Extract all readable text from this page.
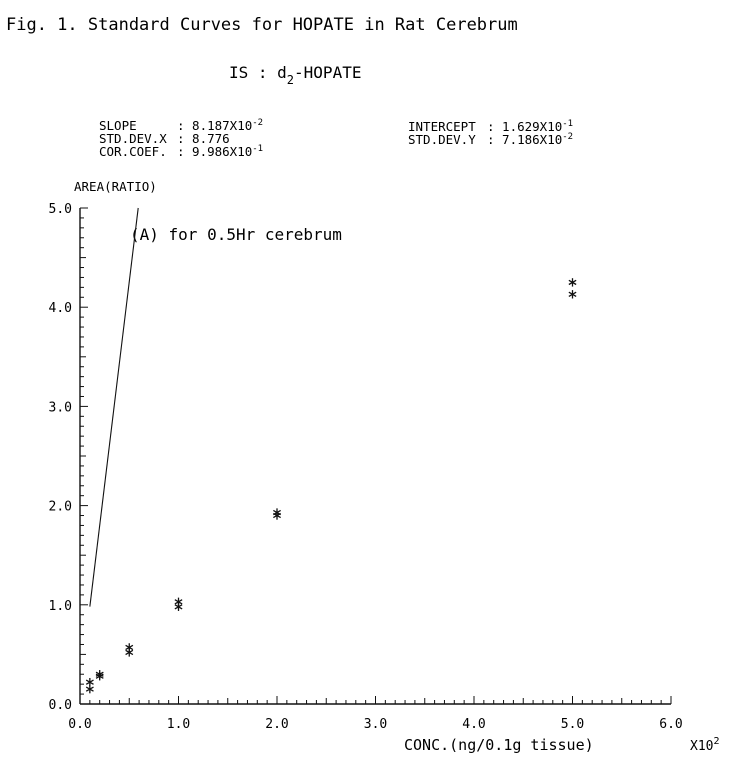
Fig. 1. Standard Curves for HOPATE in Rat Cerebrum
IS : $d_2$-HOPATE
SLOPE	: $8.187X10^{-2}$
STD.DEV.X : 8.776
COR.COEF. : $9.986X10^{-1}$
INTERCEPT : $1.629X10^{-1}$
STD.DEV.Y : $7.186X10^{-2}$
AREA(RATIO)
0.0
1.0
2.0
3.0
4.0
5.0
0.0	1.0	2.0	3.0	4.0	5.0	6.0
(A) for 0.5Hr cerebrum
CONC.(ng/0.1g tissue)	$X10^2$
